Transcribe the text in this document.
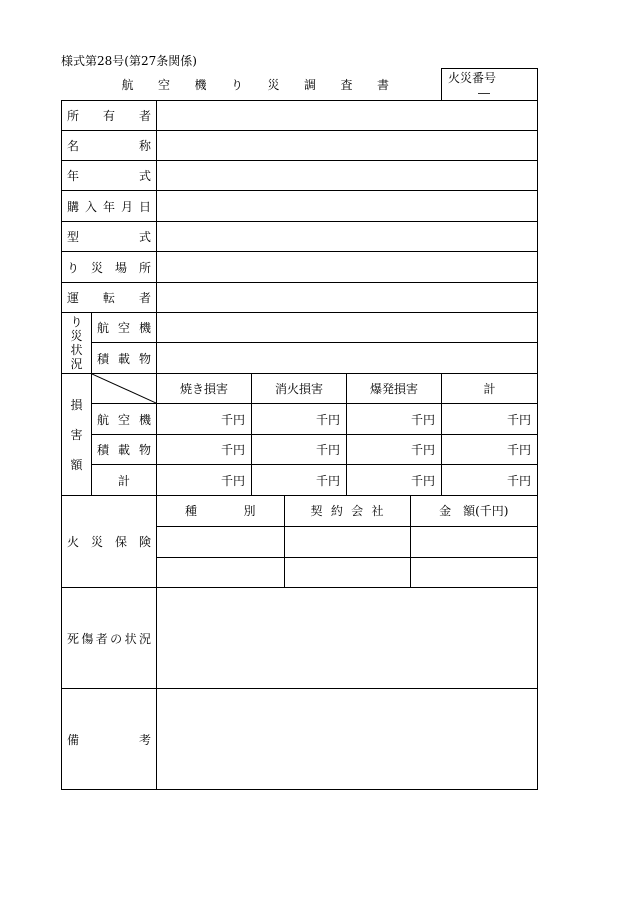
様式第28号(第27条関係)
航 空 機 り 災 調 査 書	火災番号 ―

所 有 者

名	称

年	式

購 入 年 月 日

型	式

り 災 場 所

運 転 者

り
災
状
況

航 空 機

積 載 物

損
害
額

	焼き損害	消火損害	爆発損害	計

航 空 機	千円	千円	千円	千円

積 載 物	千円	千円	千円	千円
計	千円	千円	千円	千円

火 災 保 険

種	別	契 約 会 社	金　額(千円)

死 傷 者 の 状 況

備	考
